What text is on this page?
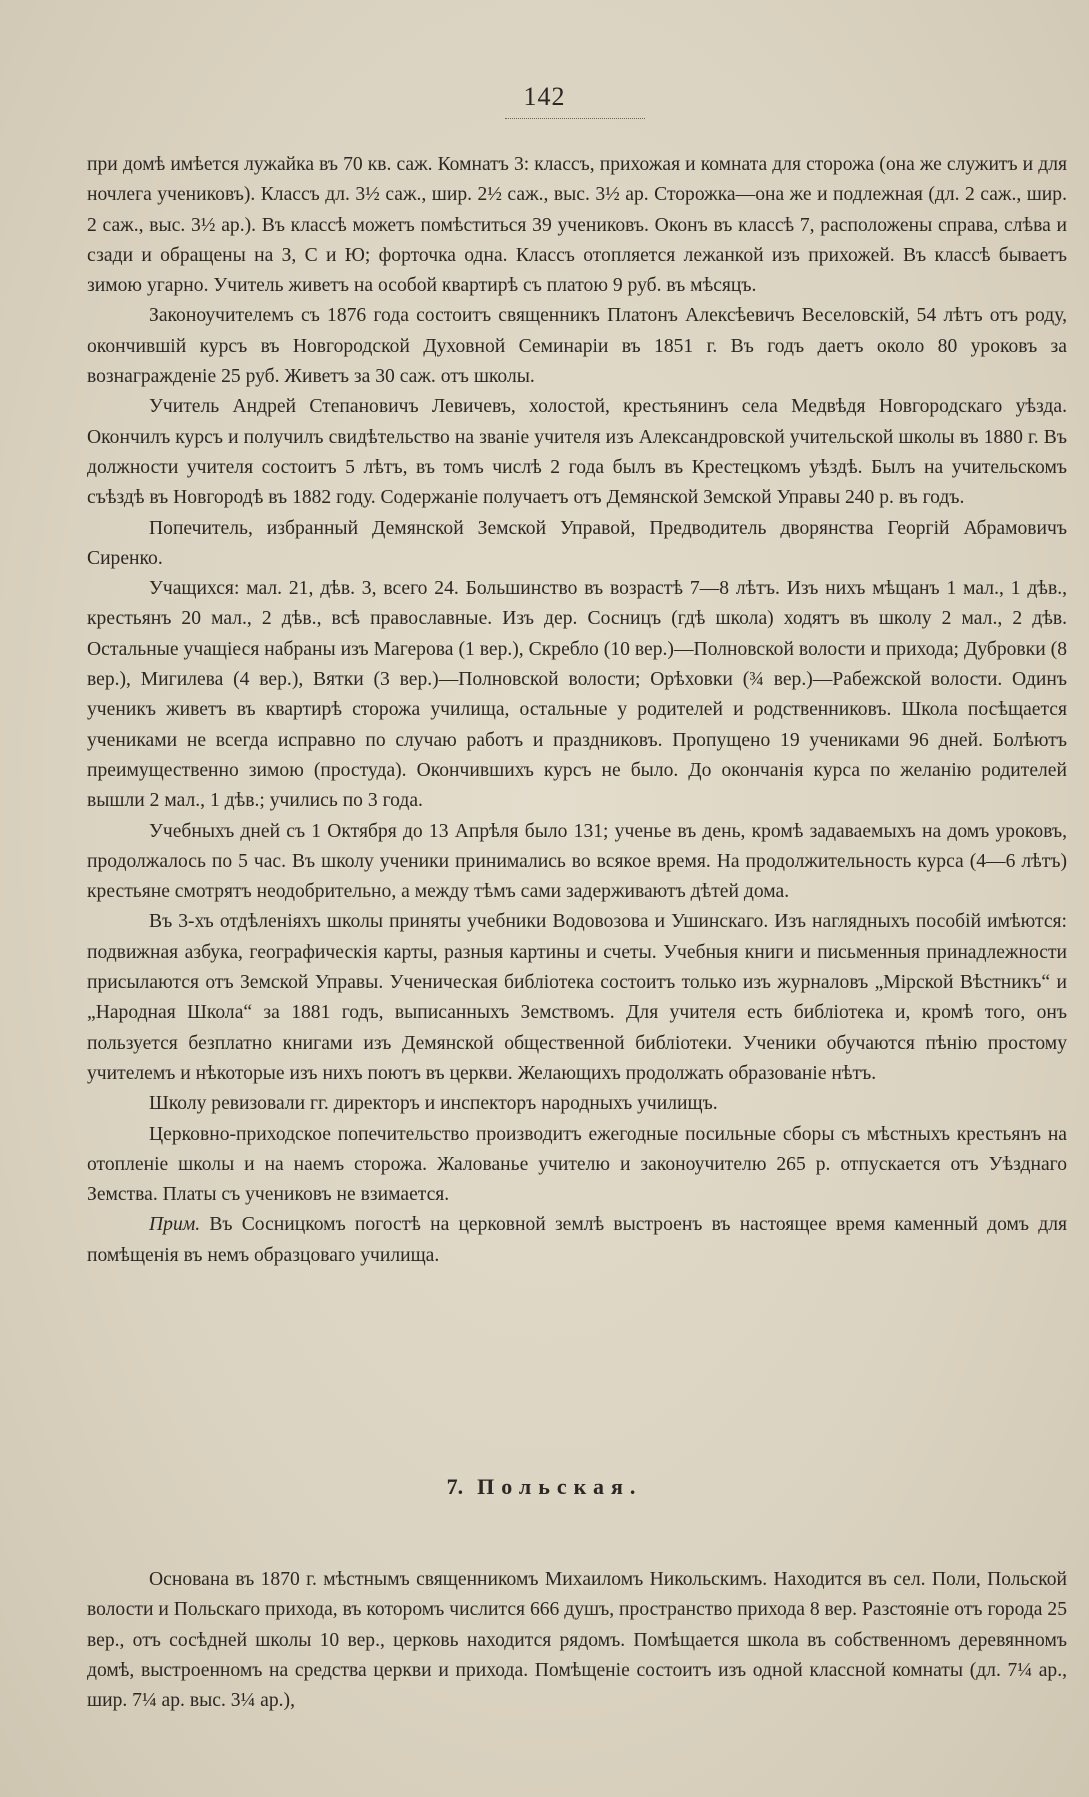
142

при домѣ имѣется лужайка въ 70 кв. саж. Комнатъ 3: классъ, прихожая и комната для сторожа (она же служитъ и для ночлега учениковъ). Классъ дл. 3½ саж., шир. 2½ саж., выс. 3½ ар. Сторожка—она же и подлежная (дл. 2 саж., шир. 2 саж., выс. 3½ ар.). Въ классѣ можетъ помѣститься 39 учениковъ. Оконъ въ классѣ 7, расположены справа, слѣва и сзади и обращены на З, С и Ю; форточка одна. Классъ отопляется лежанкой изъ прихожей. Въ классѣ бываетъ зимою угарно. Учитель живетъ на особой квартирѣ съ платою 9 руб. въ мѣсяцъ.

Законоучителемъ съ 1876 года состоитъ священникъ Платонъ Алексѣевичъ Веселовскій, 54 лѣтъ отъ роду, окончившій курсъ въ Новгородской Духовной Семинаріи въ 1851 г. Въ годъ даетъ около 80 уроковъ за вознагражденіе 25 руб. Живетъ за 30 саж. отъ школы.

Учитель Андрей Степановичъ Левичевъ, холостой, крестьянинъ села Медвѣдя Новгородскаго уѣзда. Окончилъ курсъ и получилъ свидѣтельство на званіе учителя изъ Александровской учительской школы въ 1880 г. Въ должности учителя состоитъ 5 лѣтъ, въ томъ числѣ 2 года былъ въ Крестецкомъ уѣздѣ. Былъ на учительскомъ съѣздѣ въ Новгородѣ въ 1882 году. Содержаніе получаетъ отъ Демянской Земской Управы 240 р. въ годъ.

Попечитель, избранный Демянской Земской Управой, Предводитель дворянства Георгій Абрамовичъ Сиренко.

Учащихся: мал. 21, дѣв. 3, всего 24. Большинство въ возрастѣ 7—8 лѣтъ. Изъ нихъ мѣщанъ 1 мал., 1 дѣв., крестьянъ 20 мал., 2 дѣв., всѣ православные. Изъ дер. Сосницъ (гдѣ школа) ходятъ въ школу 2 мал., 2 дѣв. Остальные учащіеся набраны изъ Магерова (1 вер.), Скребло (10 вер.)—Полновской волости и прихода; Дубровки (8 вер.), Мигилева (4 вер.), Вятки (3 вер.)—Полновской волости; Орѣховки (¾ вер.)—Рабежской волости. Одинъ ученикъ живетъ въ квартирѣ сторожа училища, остальные у родителей и родственниковъ. Школа посѣщается учениками не всегда исправно по случаю работъ и праздниковъ. Пропущено 19 учениками 96 дней. Болѣютъ преимущественно зимою (простуда). Окончившихъ курсъ не было. До окончанія курса по желанію родителей вышли 2 мал., 1 дѣв.; учились по 3 года.

Учебныхъ дней съ 1 Октября до 13 Апрѣля было 131; ученье въ день, кромѣ задаваемыхъ на домъ уроковъ, продолжалось по 5 час. Въ школу ученики принимались во всякое время. На продолжительность курса (4—6 лѣтъ) крестьяне смотрятъ неодобрительно, а между тѣмъ сами задерживаютъ дѣтей дома.

Въ 3-хъ отдѣленіяхъ школы приняты учебники Водовозова и Ушинскаго. Изъ наглядныхъ пособій имѣются: подвижная азбука, географическія карты, разныя картины и счеты. Учебныя книги и письменныя принадлежности присылаются отъ Земской Управы. Ученическая библіотека состоитъ только изъ журналовъ „Мірской Вѣстникъ“ и „Народная Школа“ за 1881 годъ, выписанныхъ Земствомъ. Для учителя есть библіотека и, кромѣ того, онъ пользуется безплатно книгами изъ Демянской общественной библіотеки. Ученики обучаются пѣнію простому учителемъ и нѣкоторые изъ нихъ поютъ въ церкви. Желающихъ продолжать образованіе нѣтъ.

Школу ревизовали гг. директоръ и инспекторъ народныхъ училищъ.

Церковно-приходское попечительство производитъ ежегодные посильные сборы съ мѣстныхъ крестьянъ на отопленіе школы и на наемъ сторожа. Жалованье учителю и законоучителю 265 р. отпускается отъ Уѣзднаго Земства. Платы съ учениковъ не взимается.

Прим. Въ Сосницкомъ погостѣ на церковной землѣ выстроенъ въ настоящее время каменный домъ для помѣщенія въ немъ образцоваго училища.

7. Польская.

Основана въ 1870 г. мѣстнымъ священникомъ Михаиломъ Никольскимъ. Находится въ сел. Поли, Польской волости и Польскаго прихода, въ которомъ числится 666 душъ, пространство прихода 8 вер. Разстояніе отъ города 25 вер., отъ сосѣдней школы 10 вер., церковь находится рядомъ. Помѣщается школа въ собственномъ деревянномъ домѣ, выстроенномъ на средства церкви и прихода. Помѣщеніе состоитъ изъ одной классной комнаты (дл. 7¼ ар., шир. 7¼ ар. выс. 3¼ ар.),
